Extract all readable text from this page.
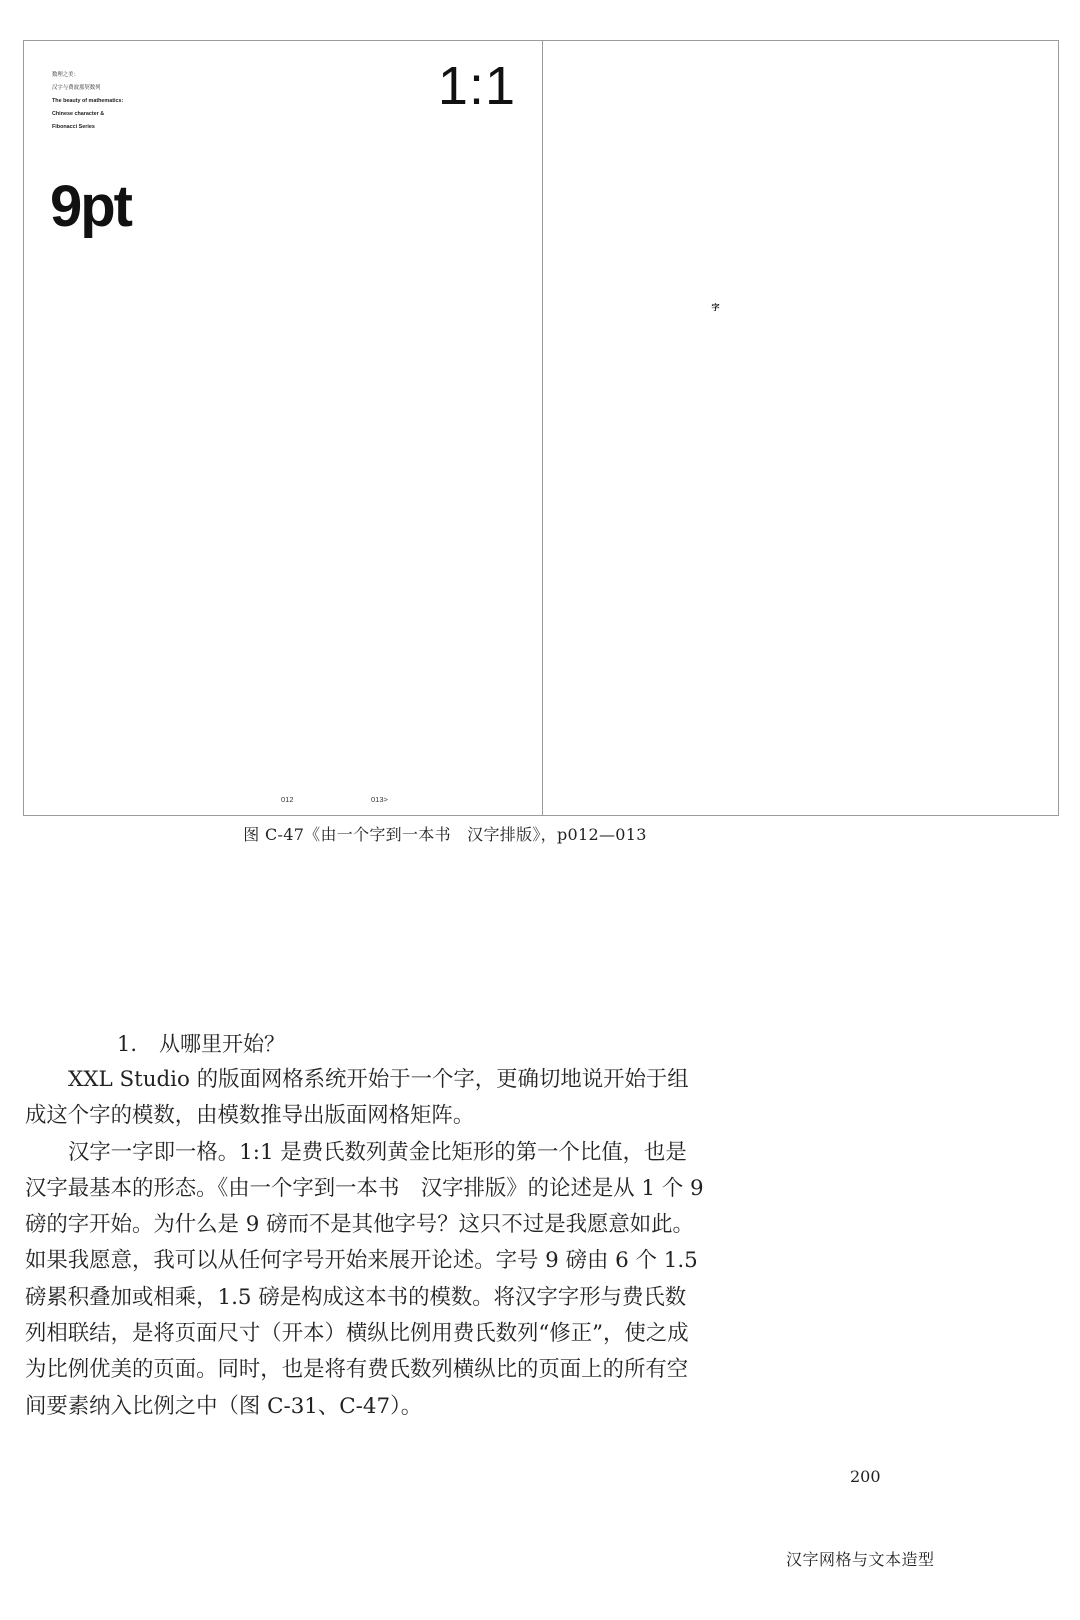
数理之美：

汉字与费波那契数列

The beauty of mathematics:

Chinese character &

Fibonacci Series

1:1
9pt
字
012	013>
图 C-47《由一个字到一本书　汉字排版》，p012—013
1. 从哪里开始？

XXL Studio 的版面网格系统开始于一个字，更确切地说开始于组成这个字的模数，由模数推导出版面网格矩阵。

汉字一字即一格。1:1 是费氏数列黄金比矩形的第一个比值，也是汉字最基本的形态。《由一个字到一本书　汉字排版》的论述是从 1 个 9 磅的字开始。为什么是 9 磅而不是其他字号？这只不过是我愿意如此。如果我愿意，我可以从任何字号开始来展开论述。字号 9 磅由 6 个 1.5 磅累积叠加或相乘，1.5 磅是构成这本书的模数。将汉字字形与费氏数列相联结，是将页面尺寸（开本）横纵比例用费氏数列“修正”，使之成为比例优美的页面。同时，也是将有费氏数列横纵比的页面上的所有空间要素纳入比例之中（图 C-31、C-47）。

200
汉字网格与文本造型
